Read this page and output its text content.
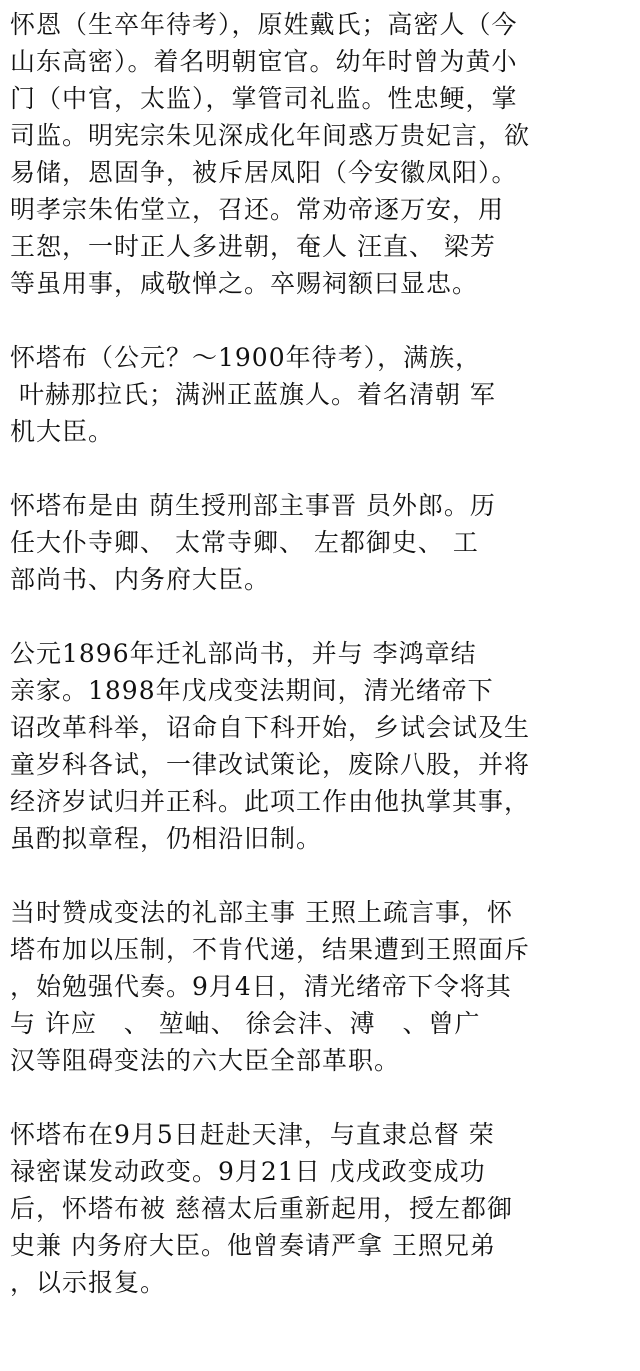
怀恩（生卒年待考），原姓戴氏；高密人（今
山东高密）。着名明朝宦官。幼年时曾为黄小
门（中官，太监），掌管司礼监。性忠鲠，掌
司监。明宪宗朱见深成化年间惑万贵妃言，欲
易储，恩固争，被斥居凤阳（今安徽凤阳）。
明孝宗朱佑堂立，召还。常劝帝逐万安，用
王恕，一时正人多进朝，奄人 汪直、 梁芳
等虽用事，咸敬惮之。卒赐祠额曰显忠。
怀塔布（公元？～1900年待考），满族，
叶赫那拉氏；满洲正蓝旗人。着名清朝 军
机大臣。
怀塔布是由 荫生授刑部主事晋 员外郎。历
任大仆寺卿、 太常寺卿、 左都御史、 工
部尚书、内务府大臣。
公元1896年迁礼部尚书，并与 李鸿章结
亲家。1898年戊戌变法期间，清光绪帝下
诏改革科举，诏命自下科开始，乡试会试及生
童岁科各试，一律改试策论，废除八股，并将
经济岁试归并正科。此项工作由他执掌其事，
虽酌拟章程，仍相沿旧制。
当时赞成变法的礼部主事 王照上疏言事，怀
塔布加以压制，不肯代递，结果遭到王照面斥
，始勉强代奏。9月4日，清光绪帝下令将其
与 许应   、 堃岫、 徐会沣、溥   、曾广
汉等阻碍变法的六大臣全部革职。
怀塔布在9月5日赶赴天津，与直隶总督 荣
禄密谋发动政变。9月21日 戊戌政变成功
后，怀塔布被 慈禧太后重新起用，授左都御
史兼 内务府大臣。他曾奏请严拿 王照兄弟
，以示报复。
